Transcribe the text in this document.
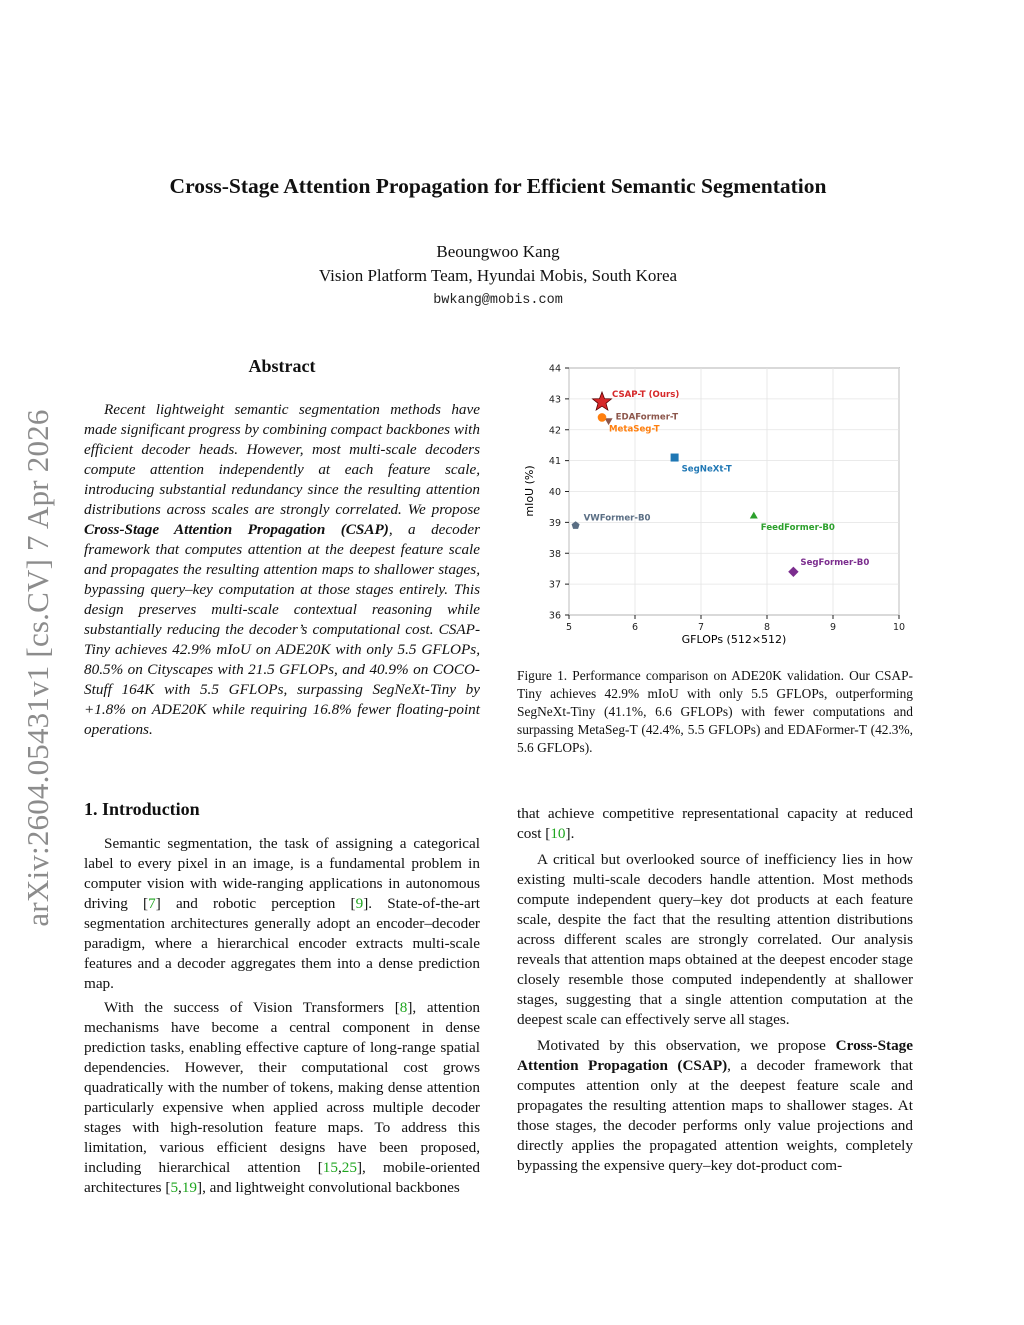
arXiv:2604.05431v1 [cs.CV] 7 Apr 2026
Cross-Stage Attention Propagation for Efficient Semantic Segmentation
Beoungwoo Kang
Vision Platform Team, Hyundai Mobis, South Korea
bwkang@mobis.com
Abstract
Recent lightweight semantic segmentation methods have made significant progress by combining compact backbones with efficient decoder heads. However, most multi-scale decoders compute attention independently at each feature scale, introducing substantial redundancy since the resulting attention distributions across scales are strongly correlated. We propose Cross-Stage Attention Propagation (CSAP), a decoder framework that computes attention at the deepest feature scale and propagates the resulting attention maps to shallower stages, bypassing query–key computation at those stages entirely. This design preserves multi-scale contextual reasoning while substantially reducing the decoder’s computational cost. CSAP-Tiny achieves 42.9% mIoU on ADE20K with only 5.5 GFLOPs, 80.5% on Cityscapes with 21.5 GFLOPs, and 40.9% on COCO-Stuff 164K with 5.5 GFLOPs, surpassing SegNeXt-Tiny by +1.8% on ADE20K while requiring 16.8% fewer floating-point operations.
1. Introduction

Semantic segmentation, the task of assigning a categorical label to every pixel in an image, is a fundamental problem in computer vision with wide-ranging applications in autonomous driving [7] and robotic perception [9]. State-of-the-art segmentation architectures generally adopt an encoder–decoder paradigm, where a hierarchical encoder extracts multi-scale features and a decoder aggregates them into a dense prediction map.

With the success of Vision Transformers [8], attention mechanisms have become a central component in dense prediction tasks, enabling effective capture of long-range spatial dependencies. However, their computational cost grows quadratically with the number of tokens, making dense attention particularly expensive when applied across multiple decoder stages with high-resolution feature maps. To address this limitation, various efficient designs have been proposed, including hierarchical attention [15,25], mobile-oriented architectures [5,19], and lightweight convolutional backbones

that achieve competitive representational capacity at reduced cost [10].

A critical but overlooked source of inefficiency lies in how existing multi-scale decoders handle attention. Most methods compute independent query–key dot products at each feature scale, despite the fact that the resulting attention distributions across different scales are strongly correlated. Our analysis reveals that attention maps obtained at the deepest encoder stage closely resemble those computed independently at shallower stages, suggesting that a single attention computation at the deepest scale can effectively serve all stages.

Motivated by this observation, we propose Cross-Stage Attention Propagation (CSAP), a decoder framework that computes attention only at the deepest feature scale and propagates the resulting attention maps to shallower stages. At those stages, the decoder performs only value projections and directly applies the propagated attention weights, completely bypassing the expensive query–key dot-product com-

5	6	7	8	9	10
36
37
38
39
40
41
42
43
44
CSAP-T (Ours)
EDAFormer-T
MetaSeg-T
SegNeXt-T
VWFormer-B0
FeedFormer-B0
SegFormer-B0
GFLOPs (512×512)
mIoU (%)
Figure 1. Performance comparison on ADE20K validation. Our CSAP-Tiny achieves 42.9% mIoU with only 5.5 GFLOPs, outperforming SegNeXt-Tiny (41.1%, 6.6 GFLOPs) with fewer computations and surpassing MetaSeg-T (42.4%, 5.5 GFLOPs) and EDAFormer-T (42.3%, 5.6 GFLOPs).
